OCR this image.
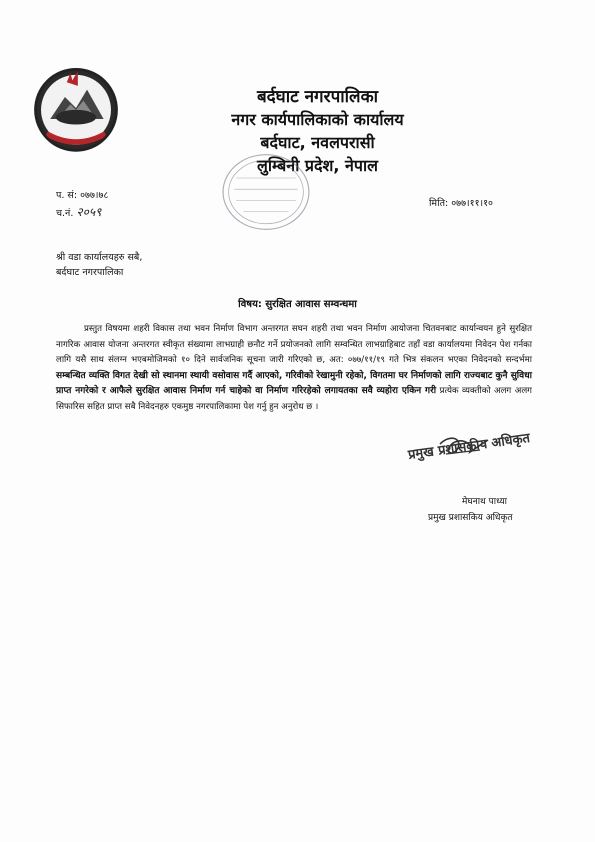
बर्दघाट नगरपालिका
नगर कार्यपालिकाको कार्यालय
बर्दघाट, नवलपरासी
लुम्बिनी प्रदेश, नेपाल
प. सं: ०७७।७८
च.नं. २०५९
मिति: ०७७।११।१०
श्री वडा कार्यालयहरु सबै,
बर्दघाट नगरपालिका
विषय: सुरक्षित आवास सम्वन्धमा
प्रस्तुत विषयमा शहरी विकास तथा भवन निर्माण विभाग अन्तरगत सघन शहरी तथा भवन निर्माण आयोजना चितवनबाट कार्यान्वयन हुने सुरक्षित नागरिक आवास योजना अन्तरगत स्वीकृत संख्यामा लाभग्राही छनौट गर्ने प्रयोजनको लागि सम्वन्धित लाभग्राहिबाट तहाँ वडा कार्यालयमा निवेदन पेश गर्नका लागि यसै साथ संलग्न भएबमोजिमको १० दिने सार्वजनिक सूचना जारी गरिएको छ, अत: ०७७/११/१९ गते भित्र संकलन भएका निवेदनको सन्दर्भमा सम्बन्धित व्यक्ति विगत देखी सो स्थानमा स्थायी वसोवास गर्दै आएको, गरिवीको रेखामुनी रहेको, विगतमा घर निर्माणको लागि राज्यबाट कुनै सुविधा प्राप्त नगरेको र आफैले सुरक्षित आवास निर्माण गर्न चाहेको वा निर्माण गरिरहेको लगायतका सवै व्यहोरा एकिन गरी प्रत्येक व्यक्तीको अलग अलग सिफारिस सहित प्राप्त सबै निवेदनहरु एकमुष्ठ नगरपालिकामा पेश गर्नु हुन अनुरोध छ ।
प्रमुख प्रशासकीय अधिकृत
मेघनाथ पाध्या
प्रमुख प्रशासकिय अधिकृत
